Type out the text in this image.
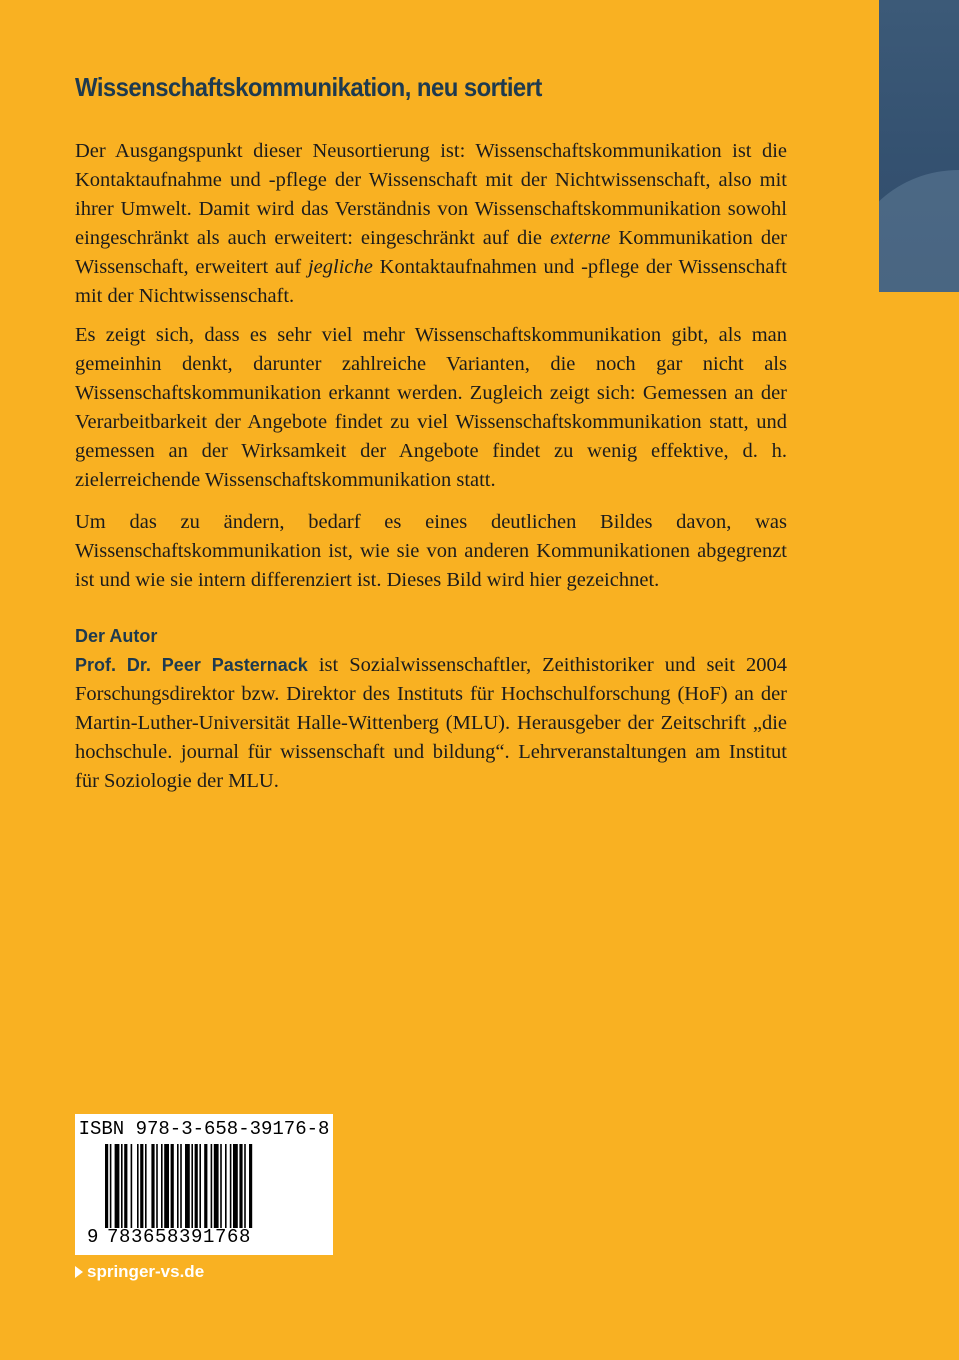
Wissenschaftskommunikation, neu sortiert

Der Ausgangspunkt dieser Neusortierung ist: Wissenschaftskommunikation ist die Kontaktaufnahme und -pflege der Wissenschaft mit der Nichtwissenschaft, also mit ihrer Umwelt. Damit wird das Verständnis von Wissenschaftskommunikation sowohl eingeschränkt als auch erweitert: eingeschränkt auf die externe Kommunikation der Wissenschaft, erweitert auf jegliche Kontaktaufnahmen und -pflege der Wissenschaft mit der Nichtwissenschaft.

Es zeigt sich, dass es sehr viel mehr Wissenschaftskommunikation gibt, als man gemeinhin denkt, darunter zahlreiche Varianten, die noch gar nicht als Wissenschaftskommunikation erkannt werden. Zugleich zeigt sich: Gemessen an der Verarbeitbarkeit der Angebote findet zu viel Wissenschaftskommunikation statt, und gemessen an der Wirksamkeit der Angebote findet zu wenig effektive, d. h. zielerreichende Wissenschaftskommunikation statt.

Um das zu ändern, bedarf es eines deutlichen Bildes davon, was Wissenschaftskommunikation ist, wie sie von anderen Kommunikationen abgegrenzt ist und wie sie intern differenziert ist. Dieses Bild wird hier gezeichnet.

Der Autor

Prof. Dr. Peer Pasternack ist Sozialwissenschaftler, Zeithistoriker und seit 2004 Forschungsdirektor bzw. Direktor des Instituts für Hochschulforschung (HoF) an der Martin-Luther-Universität Halle-Wittenberg (MLU). Herausgeber der Zeitschrift „die hochschule. journal für wissenschaft und bildung“. Lehrveranstaltungen am Institut für Soziologie der MLU.

ISBN 978-3-658-39176-8
9 783658391768
springer-vs.de
